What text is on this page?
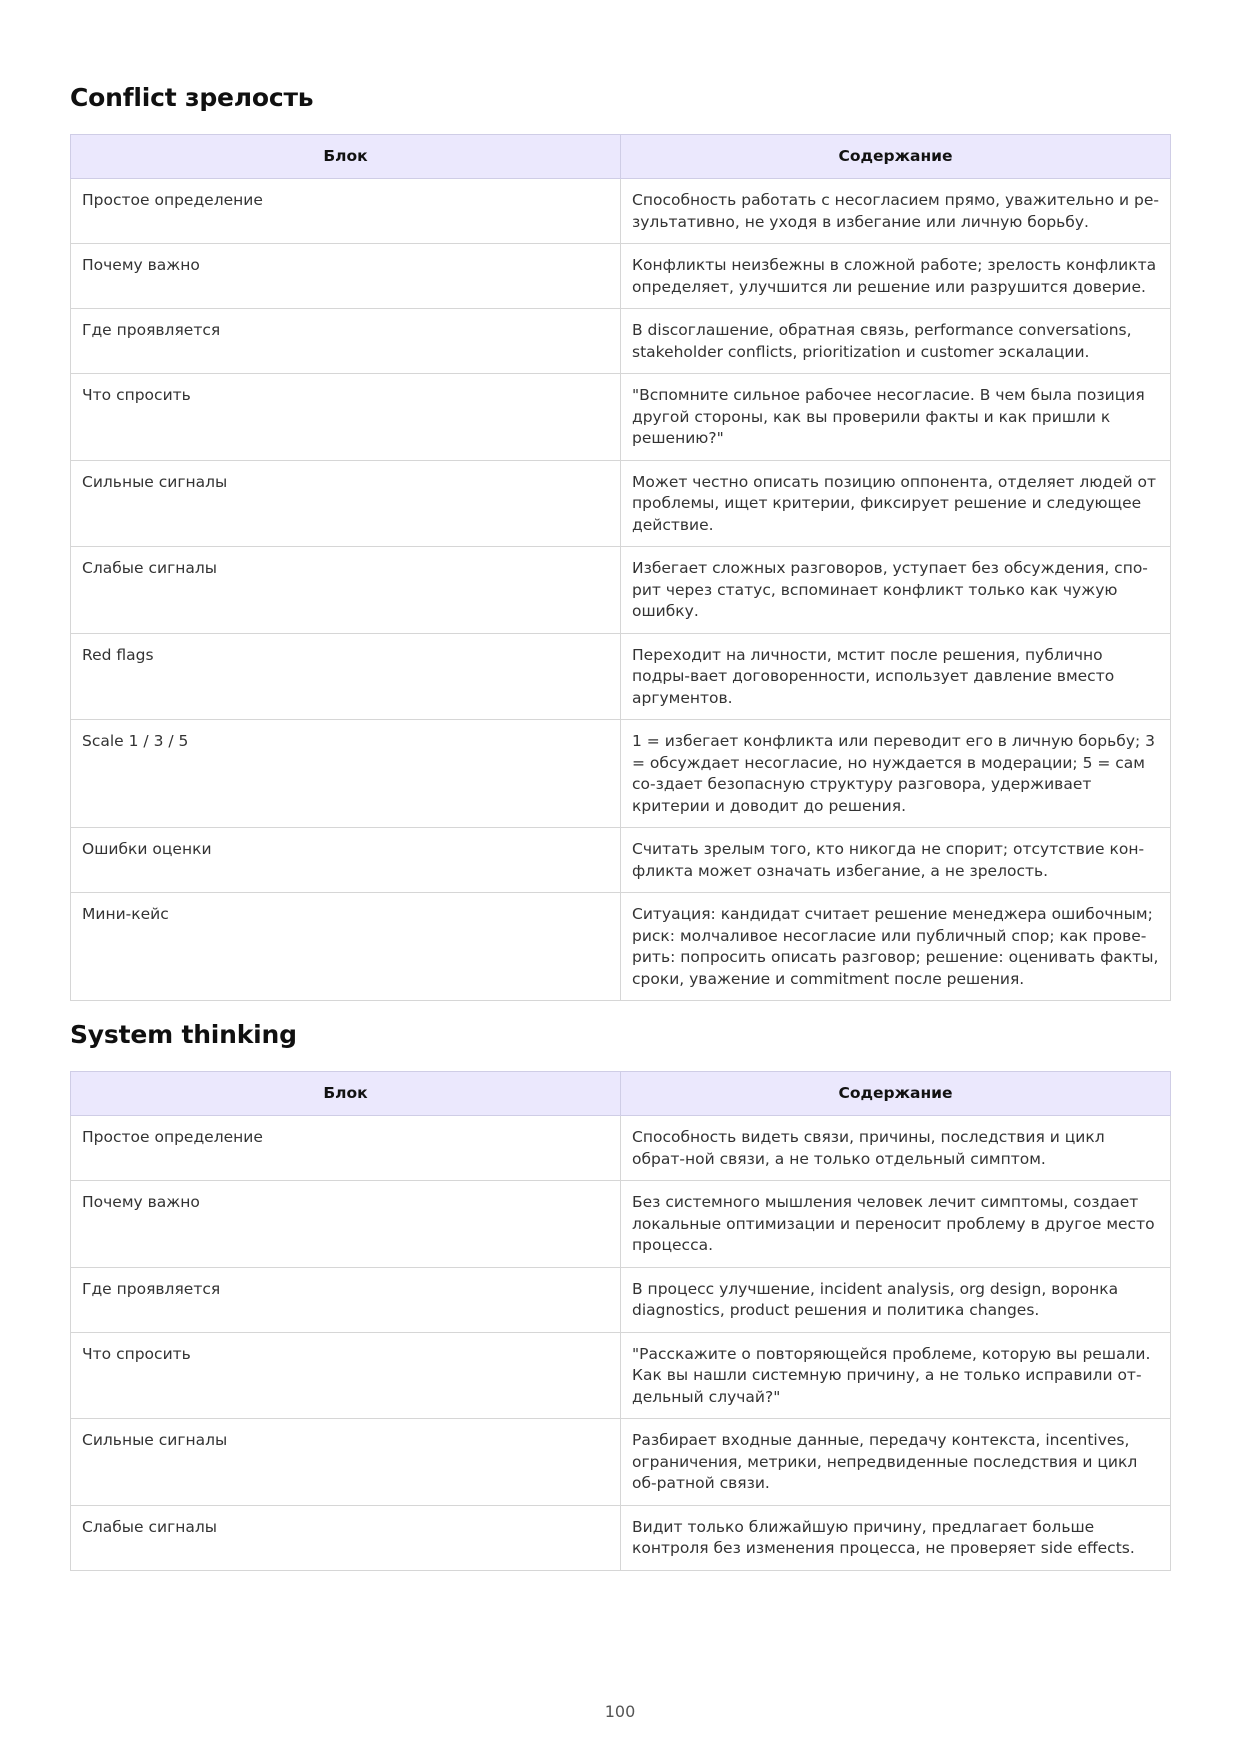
Conflict зрелость
Блок	Содержание
Простое определение	Способность работать с несогласием прямо, уважительно и ре-зультативно, не уходя в избегание или личную борьбу.
Почему важно	Конфликты неизбежны в сложной работе; зрелость конфликта определяет, улучшится ли решение или разрушится доверие.
Где проявляется	В discoглашение, обратная связь, performance conversations, stakeholder conflicts, prioritization и customer эскалации.
Что спросить	"Вспомните сильное рабочее несогласие. В чем была позиция другой стороны, как вы проверили факты и как пришли к решению?"
Сильные сигналы	Может честно описать позицию оппонента, отделяет людей от проблемы, ищет критерии, фиксирует решение и следующее действие.
Слабые сигналы	Избегает сложных разговоров, уступает без обсуждения, спо-рит через статус, вспоминает конфликт только как чужую ошибку.
Red flags	Переходит на личности, мстит после решения, публично подры-вает договоренности, использует давление вместо аргументов.
Scale 1 / 3 / 5	1 = избегает конфликта или переводит его в личную борьбу; 3 = обсуждает несогласие, но нуждается в модерации; 5 = сам со-здает безопасную структуру разговора, удерживает критерии и доводит до решения.
Ошибки оценки	Считать зрелым того, кто никогда не спорит; отсутствие кон-фликта может означать избегание, а не зрелость.
Мини-кейс	Ситуация: кандидат считает решение менеджера ошибочным; риск: молчаливое несогласие или публичный спор; как прове-рить: попросить описать разговор; решение: оценивать факты, сроки, уважение и commitment после решения.
System thinking
Блок	Содержание
Простое определение	Способность видеть связи, причины, последствия и цикл обрат-ной связи, а не только отдельный симптом.
Почему важно	Без системного мышления человек лечит симптомы, создает локальные оптимизации и переносит проблему в другое место процесса.
Где проявляется	В процесс улучшение, incident analysis, org design, воронка diagnostics, product решения и политика changes.
Что спросить	"Расскажите о повторяющейся проблеме, которую вы решали. Как вы нашли системную причину, а не только исправили от-дельный случай?"
Сильные сигналы	Разбирает входные данные, передачу контекста, incentives, ограничения, метрики, непредвиденные последствия и цикл об-ратной связи.
Слабые сигналы	Видит только ближайшую причину, предлагает больше контроля без изменения процесса, не проверяет side effects.
100
